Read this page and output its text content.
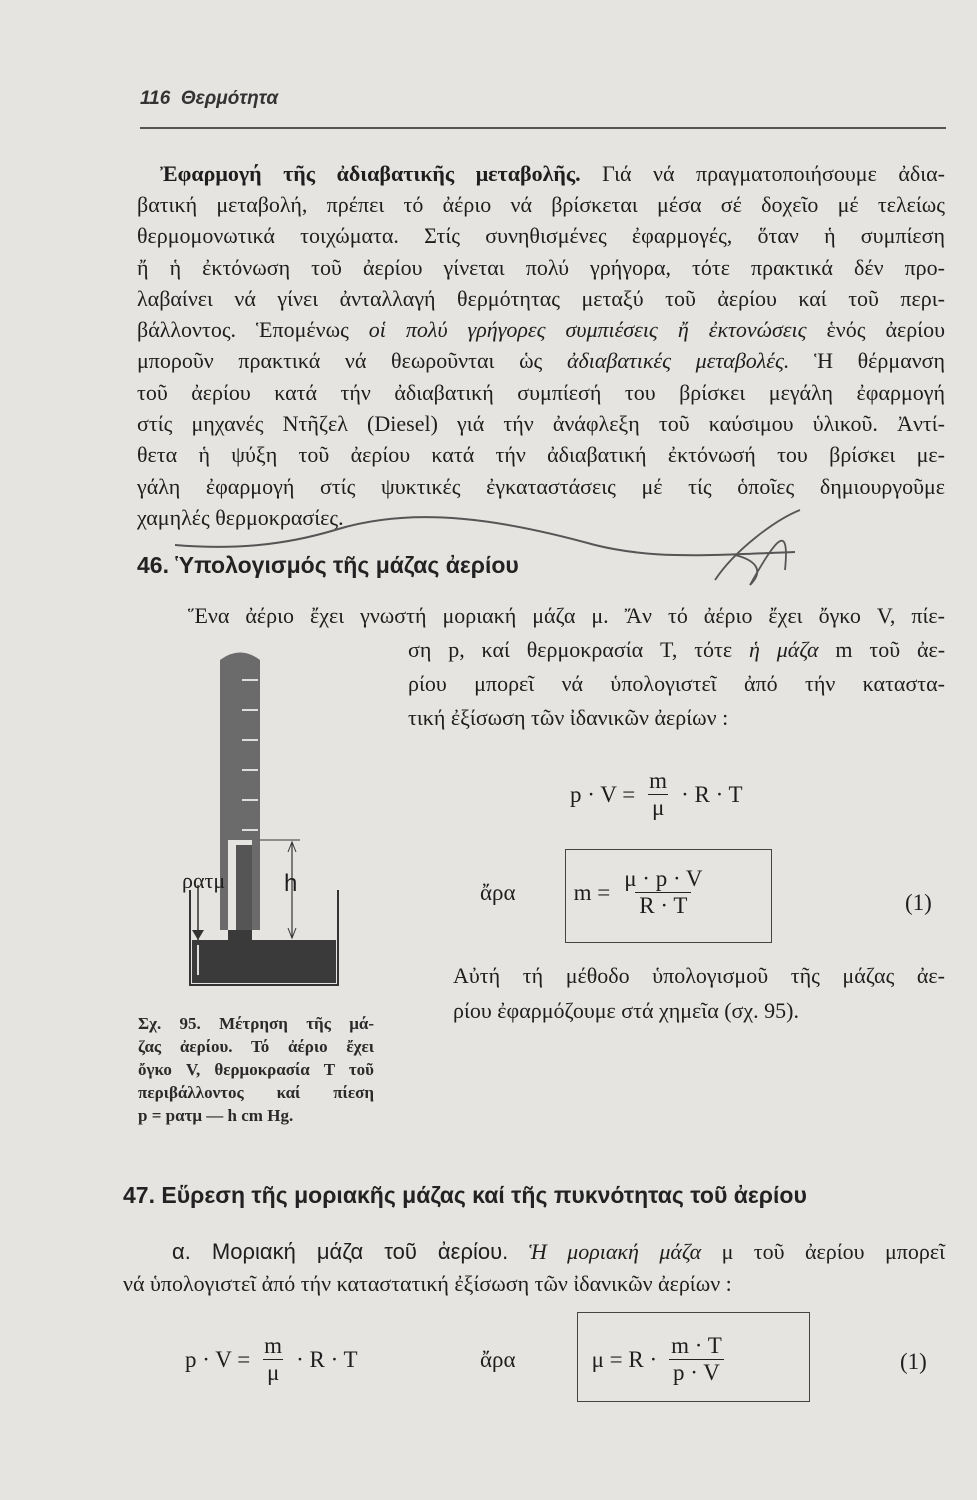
116 Θερμότητα
Ἐφαρμογή τῆς ἀδιαβατικῆς μεταβολῆς. Γιά νά πραγματοποιήσουμε ἀδια-
βατική μεταβολή, πρέπει τό ἀέριο νά βρίσκεται μέσα σέ δοχεῖο μέ τελείως
θερμομονωτικά τοιχώματα. Στίς συνηθισμένες ἐφαρμογές, ὅταν ἡ συμπίεση
ἤ ἡ ἐκτόνωση τοῦ ἀερίου γίνεται πολύ γρήγορα, τότε πρακτικά δέν προ-
λαβαίνει νά γίνει ἀνταλλαγή θερμότητας μεταξύ τοῦ ἀερίου καί τοῦ περι-
βάλλοντος. Ἑπομένως οἱ πολύ γρήγορες συμπιέσεις ἤ ἐκτονώσεις ἑνός ἀερίου
μποροῦν πρακτικά νά θεωροῦνται ὡς ἀδιαβατικές μεταβολές. Ἡ θέρμανση
τοῦ ἀερίου κατά τήν ἀδιαβατική συμπίεσή του βρίσκει μεγάλη ἐφαρμογή
στίς μηχανές Ντῆζελ (Diesel) γιά τήν ἀνάφλεξη τοῦ καύσιμου ὑλικοῦ. Ἀντί-
θετα ἡ ψύξη τοῦ ἀερίου κατά τήν ἀδιαβατική ἐκτόνωσή του βρίσκει με-
γάλη ἐφαρμογή στίς ψυκτικές ἐγκαταστάσεις μέ τίς ὁποῖες δημιουργοῦμε
χαμηλές θερμοκρασίες.
46. Ὑπολογισμός τῆς μάζας ἀερίου
Ἕνα ἀέριο ἔχει γνωστή μοριακή μάζα μ. Ἄν τό ἀέριο ἔχει ὄγκο V, πίε-
ση p, καί θερμοκρασία T, τότε ἡ μάζα m τοῦ ἀε-
ρίου μπορεῖ νά ὑπολογιστεῖ ἀπό τήν καταστα-
τική ἐξίσωση τῶν ἰδανικῶν ἀερίων :
ρατμ h
Σχ. 95. Μέτρηση τῆς μά-
ζας ἀερίου. Τό ἀέριο ἔχει
ὄγκο V, θερμοκρασία T τοῦ
περιβάλλοντος καί πίεση
p = pατμ — h cm Hg.
$p \cdot V = \frac{m}{\mu} \cdot R \cdot T$
ἄρα	$m = \frac{\mu \cdot p \cdot V}{R \cdot T}$	(1)
Αὐτή τή μέθοδο ὑπολογισμοῦ τῆς μάζας ἀε-
ρίου ἐφαρμόζουμε στά χημεῖα (σχ. 95).
47. Εὕρεση τῆς μοριακῆς μάζας καί τῆς πυκνότητας τοῦ ἀερίου
α. Μοριακή μάζα τοῦ ἀερίου. Ἡ μοριακή μάζα μ τοῦ ἀερίου μπορεῖ
νά ὑπολογιστεῖ ἀπό τήν καταστατική ἐξίσωση τῶν ἰδανικῶν ἀερίων :
$p \cdot V = \frac{m}{\mu} \cdot R \cdot T$	ἄρα	$\mu = R \cdot \frac{m \cdot T}{p \cdot V}$	(1)
